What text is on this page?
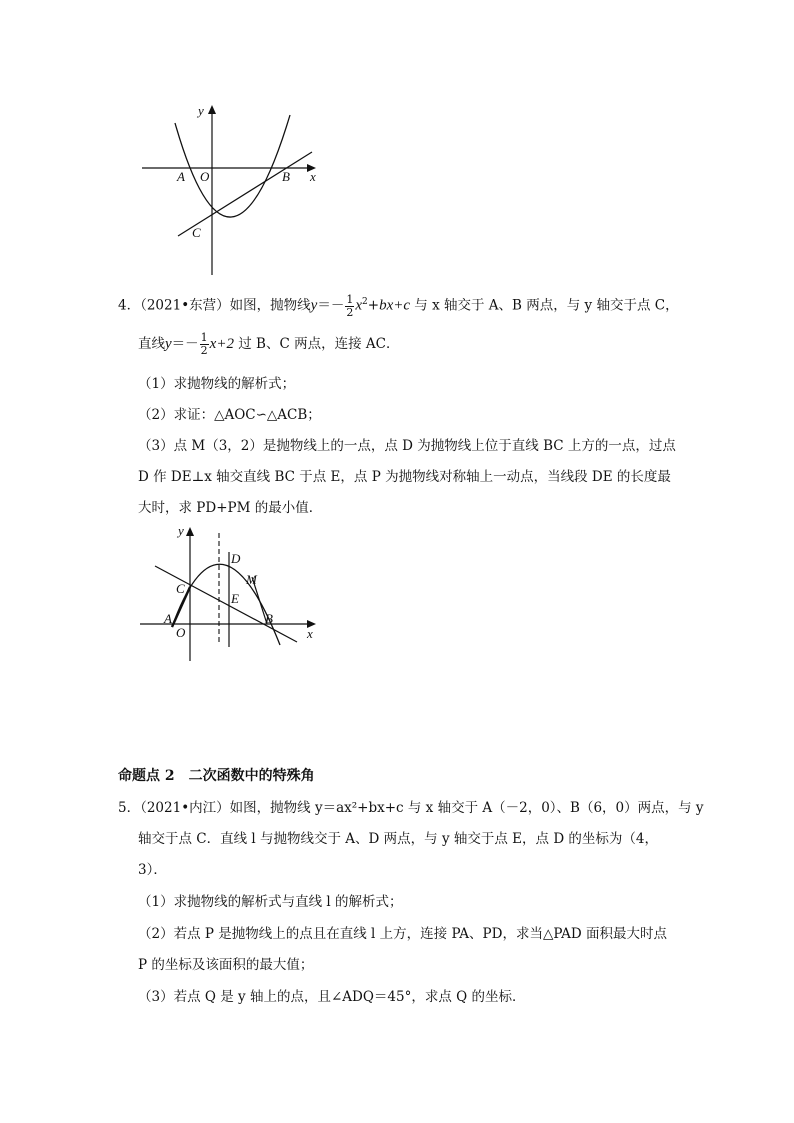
y
x
A O	B
C
4．（2021•东营）如图，抛物线$y=- \frac{1}{2} x^2+bx+c$ 与 x 轴交于 A、B 两点，与 y 轴交于点 C，
直线$y=- \frac{1}{2} x+2$ 过 B、C 两点，连接 AC．
（1）求抛物线的解析式；
（2）求证：△AOC∽△ACB；
（3）点 M（3，2）是抛物线上的一点，点 D 为抛物线上位于直线 BC 上方的一点，过点
D 作 DE⊥x 轴交直线 BC 于点 E，点 P 为抛物线对称轴上一动点，当线段 DE 的长度最
大时，求 PD+PM 的最小值．
y
x
D
M
C
E
A	B
O
命题点 2　二次函数中的特殊角
5．（2021•内江）如图，抛物线 y＝ax²+bx+c 与 x 轴交于 A（－2，0）、B（6，0）两点，与 y
轴交于点 C．直线 l 与抛物线交于 A、D 两点，与 y 轴交于点 E，点 D 的坐标为（4，
3）．
（1）求抛物线的解析式与直线 l 的解析式；
（2）若点 P 是抛物线上的点且在直线 l 上方，连接 PA、PD，求当△PAD 面积最大时点
P 的坐标及该面积的最大值；
（3）若点 Q 是 y 轴上的点，且∠ADQ＝45°，求点 Q 的坐标．
